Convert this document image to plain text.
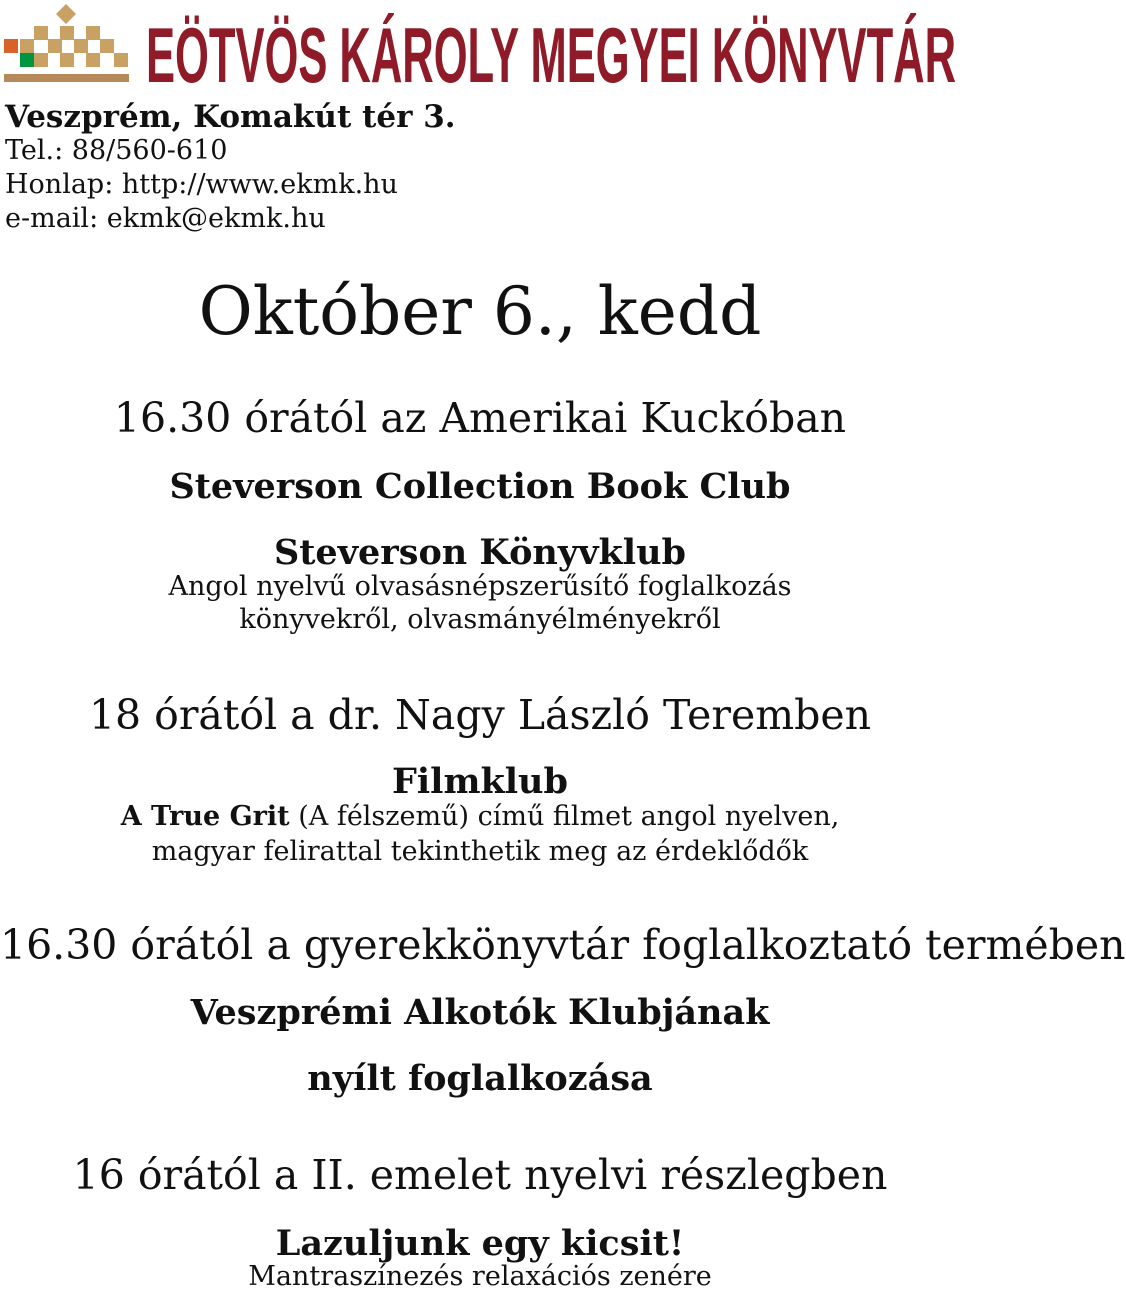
EÖTVÖS KÁROLY MEGYEI KÖNYVTÁR
Veszprém, Komakút tér 3.
Tel.: 88/560-610
Honlap: http://www.ekmk.hu
e-mail: ekmk@ekmk.hu
Október 6., kedd
16.30 órától az Amerikai Kuckóban
Steverson Collection Book Club
Steverson Könyvklub
Angol nyelvű olvasásnépszerűsítő foglalkozás
könyvekről, olvasmányélményekről
18 órától a dr. Nagy László Teremben
Filmklub
A True Grit (A félszemű) című filmet angol nyelven,
magyar felirattal tekinthetik meg az érdeklődők
16.30 órától a gyerekkönyvtár foglalkoztató termében
Veszprémi Alkotók Klubjának
nyílt foglalkozása
16 órától a II. emelet nyelvi részlegben
Lazuljunk egy kicsit!
Mantraszínezés relaxációs zenére
